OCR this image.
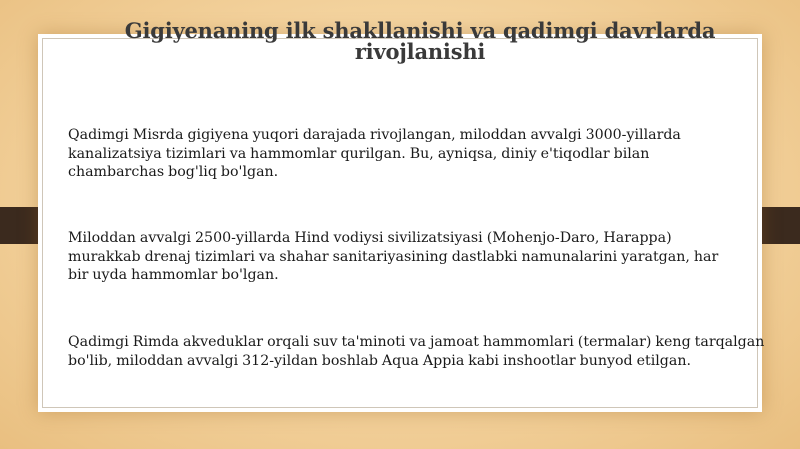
Gigiyenaning ilk shakllanishi va qadimgi davrlarda rivojlanishi

Qadimgi Misrda gigiyena yuqori darajada rivojlangan, miloddan avvalgi 3000-yillarda kanalizatsiya tizimlari va hammomlar qurilgan. Bu, ayniqsa, diniy e'tiqodlar bilan chambarchas bog'liq bo'lgan.

Miloddan avvalgi 2500-yillarda Hind vodiysi sivilizatsiyasi (Mohenjo-Daro, Harappa) murakkab drenaj tizimlari va shahar sanitariyasining dastlabki namunalarini yaratgan, har bir uyda hammomlar bo'lgan.

Qadimgi Rimda akveduklar orqali suv ta'minoti va jamoat hammomlari (termalar) keng tarqalgan bo'lib, miloddan avvalgi 312-yildan boshlab Aqua Appia kabi inshootlar bunyod etilgan.
